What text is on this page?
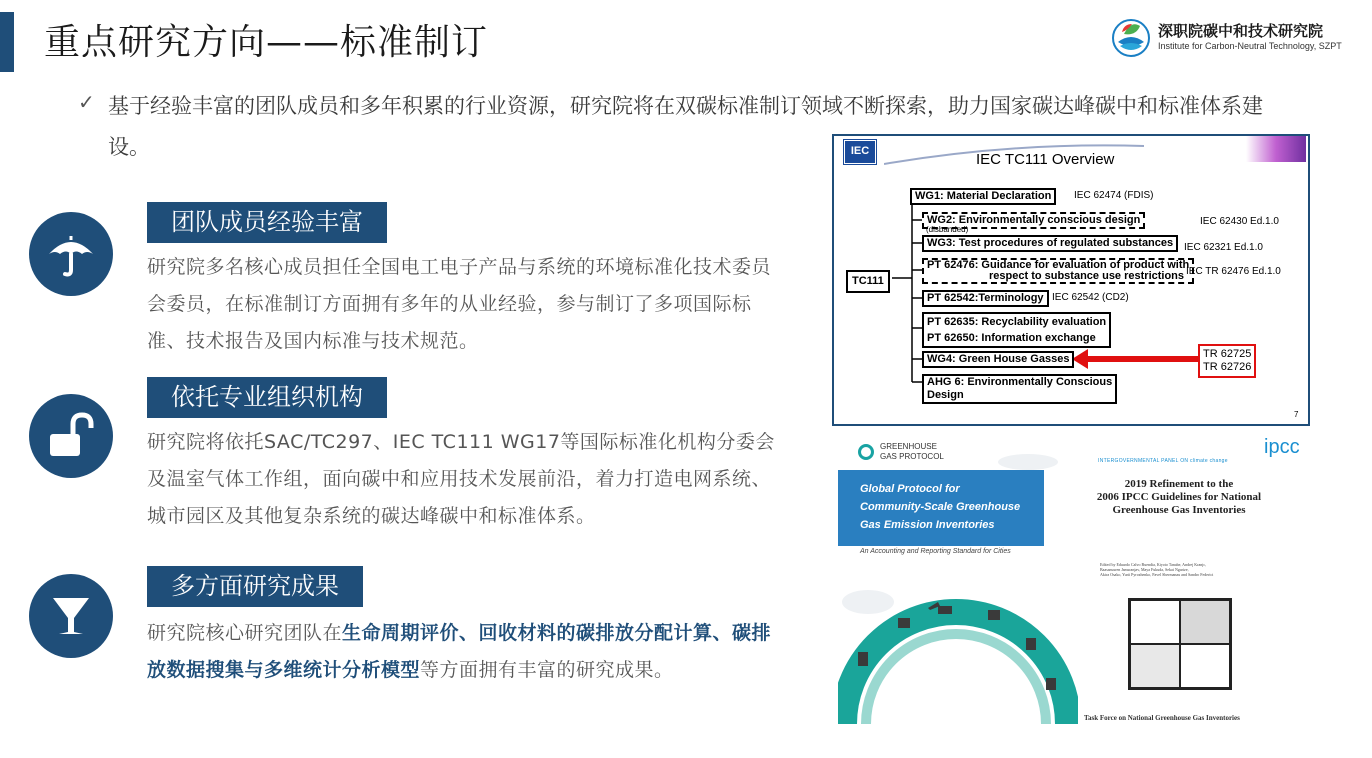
重点研究方向——标准制订	深职院碳中和技术研究院
Institute for Carbon-Neutral Technology, SZPT
✓ 基于经验丰富的团队成员和多年积累的行业资源，研究院将在双碳标准制订领域不断探索，助力国家碳达峰碳中和标准体系建设。
团队成员经验丰富
研究院多名核心成员担任全国电工电子产品与系统的环境标准化技术委员会委员，在标准制订方面拥有多年的从业经验，参与制订了多项国际标准、技术报告及国内标准与技术规范。
依托专业组织机构
研究院将依托SAC/TC297、IEC TC111 WG17等国际标准化机构分委会及温室气体工作组，面向碳中和应用技术发展前沿，着力打造电网系统、城市园区及其他复杂系统的碳达峰碳中和标准体系。
多方面研究成果
研究院核心研究团队在生命周期评价、回收材料的碳排放分配计算、碳排放数据搜集与多维统计分析模型等方面拥有丰富的研究成果。
IEC	IEC TC111 Overview
TC111
WG1: Material Declaration	IEC 62474 (FDIS)
WG2: Environmentally conscious design
(disbanded)
IEC 62430 Ed.1.0
WG3: Test procedures of regulated substances	IEC 62321 Ed.1.0
PT 62476: Guidance for evaluation of product with
respect to substance use restrictions IEC TR 62476 Ed.1.0
PT 62542:Terminology IEC 62542 (CD2)
PT 62635: Recyclability evaluation
PT 62650: Information exchange
WG4: Green House Gasses
AHG 6: Environmentally Conscious
Design
TR 62725
TR 62726
7
GREENHOUSE
GAS PROTOCOL
Global Protocol for
Community-Scale Greenhouse
Gas Emission Inventories
An Accounting and Reporting Standard for Cities
ipcc
INTERGOVERNMENTAL PANEL ON climate change
2019 Refinement to the
2006 IPCC Guidelines for National
Greenhouse Gas Inventories
Edited by Eduardo Calvo Buendia, Kiyoto Tanabe, Andrej Kranjc,
Baasansuren Jamsranjav, Maya Fukuda, Sekai Ngarize,
Akira Osako, Yurii Pyrozhenko, Pavel Shermanau and Sandro Federici
Task Force on National Greenhouse Gas Inventories
